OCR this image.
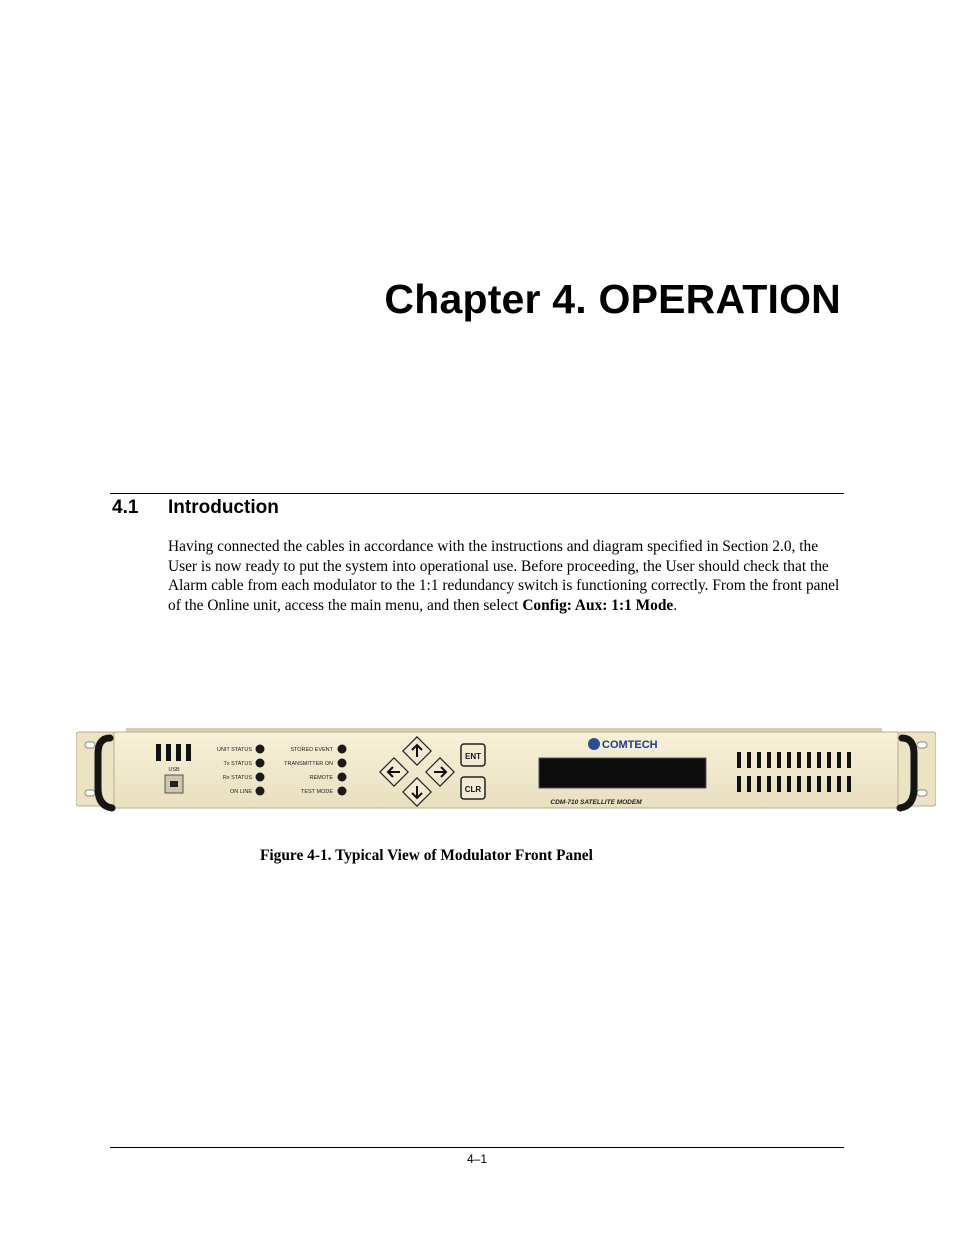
Chapter 4. OPERATION
4.1 Introduction
Having connected the cables in accordance with the instructions and diagram specified in Section 2.0, the User is now ready to put the system into operational use. Before proceeding, the User should check that the Alarm cable from each modulator to the 1:1 redundancy switch is functioning correctly. From the front panel of the Online unit, access the main menu, and then select Config: Aux: 1:1 Mode.
USB
UNIT STATUS
Tx STATUS
Rx STATUS
ON LINE
STORED EVENT
TRANSMITTER ON
REMOTE
TEST MODE
ENT
CLR
COMTECH
CDM-710 SATELLITE MODEM
Figure 4-1. Typical View of Modulator Front Panel
4–1
